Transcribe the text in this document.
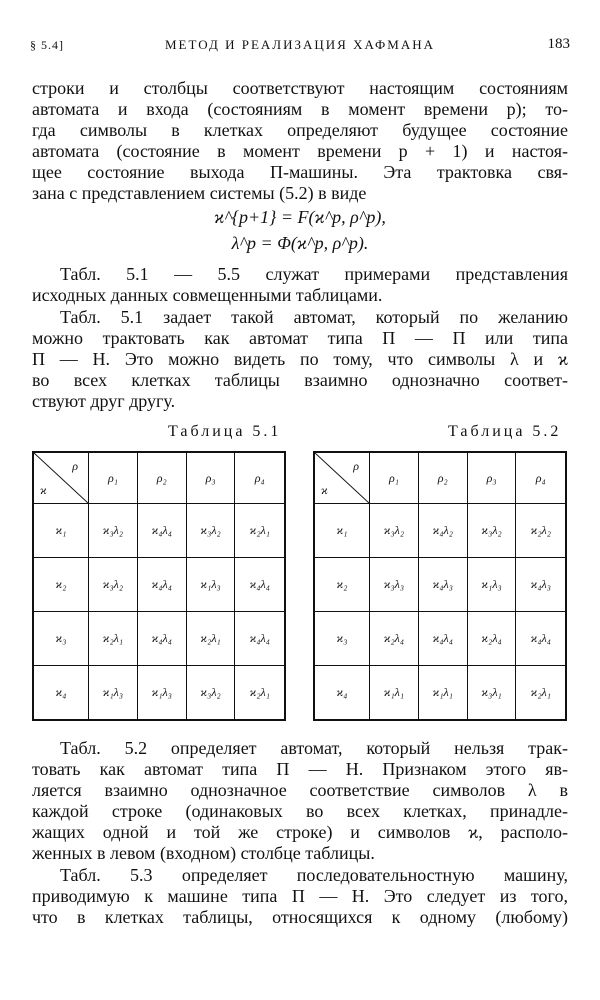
§ 5.4]	МЕТОД И РЕАЛИЗАЦИЯ ХАФМАНА	183
строки и столбцы соответствуют настоящим состояниям
автомата и входа (состояниям в момент времени p); то-
гда символы в клетках определяют будущее состояние
автомата (состояние в момент времени p + 1) и настоя-
щее состояние выхода П-машины. Эта трактовка свя-
зана с представлением системы (5.2) в виде
ϰ^{p+1} = F(ϰ^p, ρ^p),
λ^p = Φ(ϰ^p, ρ^p).
Табл. 5.1 — 5.5 служат примерами представления
исходных данных совмещенными таблицами.
Табл. 5.1 задает такой автомат, который по желанию
можно трактовать как автомат типа П — П или типа
П — Н. Это можно видеть по тому, что символы λ и ϰ
во всех клетках таблицы взаимно однозначно соответ-
ствуют друг другу.
Таблица 5.1	Таблица 5.2
ρ
ϰ	ρ₁	ρ₂	ρ₃	ρ₄
ϰ₁	ϰ₃λ₂	ϰ₄λ₄	ϰ₃λ₂	ϰ₂λ₁
ϰ₂	ϰ₃λ₂	ϰ₄λ₄	ϰ₁λ₃	ϰ₄λ₄
ϰ₃	ϰ₂λ₁	ϰ₄λ₄	ϰ₂λ₁	ϰ₄λ₄
ϰ₄	ϰ₁λ₃	ϰ₁λ₃	ϰ₃λ₂	ϰ₂λ₁
ρ
ϰ	ρ₁	ρ₂	ρ₃	ρ₄
ϰ₁	ϰ₃λ₂	ϰ₄λ₂	ϰ₃λ₂	ϰ₂λ₂
ϰ₂	ϰ₃λ₃	ϰ₄λ₃	ϰ₁λ₃	ϰ₄λ₃
ϰ₃	ϰ₂λ₄	ϰ₄λ₄	ϰ₂λ₄	ϰ₄λ₄
ϰ₄	ϰ₁λ₁	ϰ₁λ₁	ϰ₃λ₁	ϰ₂λ₁
Табл. 5.2 определяет автомат, который нельзя трак-
товать как автомат типа П — Н. Признаком этого яв-
ляется взаимно однозначное соответствие символов λ в
каждой строке (одинаковых во всех клетках, принадле-
жащих одной и той же строке) и символов ϰ, располо-
женных в левом (входном) столбце таблицы.
Табл. 5.3 определяет последовательностную машину,
приводимую к машине типа П — Н. Это следует из того,
что в клетках таблицы, относящихся к одному (любому)
